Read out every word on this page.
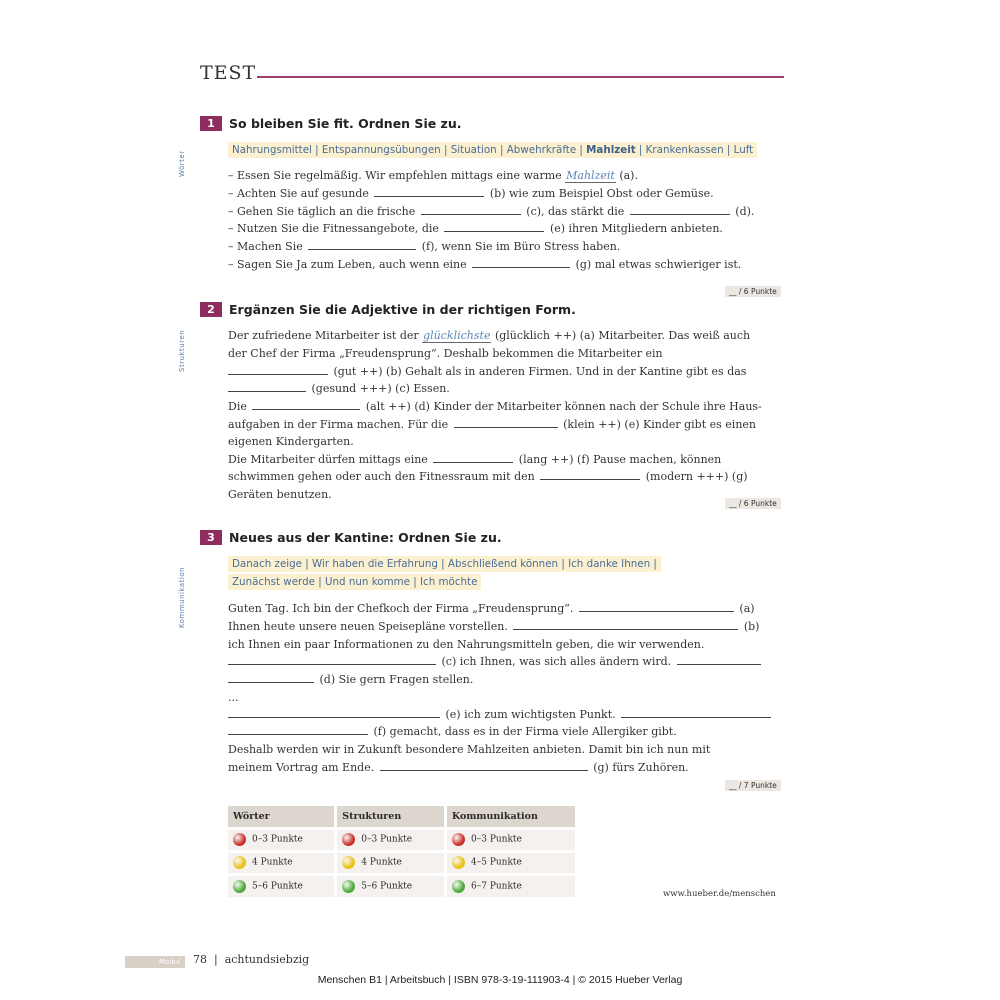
TEST
1	So bleiben Sie fit. Ordnen Sie zu.
Wörter
Nahrungsmittel | Entspannungsübungen | Situation | Abwehrkräfte | Mahlzeit | Krankenkassen | Luft
– Essen Sie regelmäßig. Wir empfehlen mittags eine warme Mahlzeit (a).
– Achten Sie auf gesunde	(b) wie zum Beispiel Obst oder Gemüse.
– Gehen Sie täglich an die frische	(c), das stärkt die	(d).
– Nutzen Sie die Fitnessangebote, die	(e) ihren Mitgliedern anbieten.
– Machen Sie	(f), wenn Sie im Büro Stress haben.
– Sagen Sie Ja zum Leben, auch wenn eine	(g) mal etwas schwieriger ist.
__ / 6 Punkte
2	Ergänzen Sie die Adjektive in der richtigen Form.
Strukturen	Der zufriedene Mitarbeiter ist der glücklichste (glücklich ++) (a) Mitarbeiter. Das weiß auch
der Chef der Firma „Freudensprung“. Deshalb bekommen die Mitarbeiter ein
(gut ++) (b) Gehalt als in anderen Firmen. Und in der Kantine gibt es das
(gesund +++) (c) Essen.
Die	(alt ++) (d) Kinder der Mitarbeiter können nach der Schule ihre Haus-
aufgaben in der Firma machen. Für die	(klein ++) (e) Kinder gibt es einen
eigenen Kindergarten.
Die Mitarbeiter dürfen mittags eine	(lang ++) (f) Pause machen, können
schwimmen gehen oder auch den Fitnessraum mit den	(modern +++) (g)
Geräten benutzen.
__ / 6 Punkte
3	Neues aus der Kantine: Ordnen Sie zu.
Kommunikation
Danach zeige | Wir haben die Erfahrung | Abschließend können | Ich danke Ihnen |
Zunächst werde | Und nun komme | Ich möchte
Guten Tag. Ich bin der Chefkoch der Firma „Freudensprung“.	(a)
Ihnen heute unsere neuen Speisepläne vorstellen.	(b)
ich Ihnen ein paar Informationen zu den Nahrungsmitteln geben, die wir verwenden.
(c) ich Ihnen, was sich alles ändern wird.
(d) Sie gern Fragen stellen.
...
(e) ich zum wichtigsten Punkt.
(f) gemacht, dass es in der Firma viele Allergiker gibt.
Deshalb werden wir in Zukunft besondere Mahlzeiten anbieten. Damit bin ich nun mit
meinem Vortrag am Ende.	(g) fürs Zuhören.
__ / 7 Punkte
Wörter	Strukturen	Kommunikation
0–3 Punkte	0–3 Punkte	0–3 Punkte
4 Punkte	4 Punkte	4–5 Punkte
5–6 Punkte	5–6 Punkte	6–7 Punkte
www.hueber.de/menschen
Modul 1
78  |  achtundsiebzig
Menschen B1 | Arbeitsbuch | ISBN 978-3-19-111903-4 | © 2015 Hueber Verlag
